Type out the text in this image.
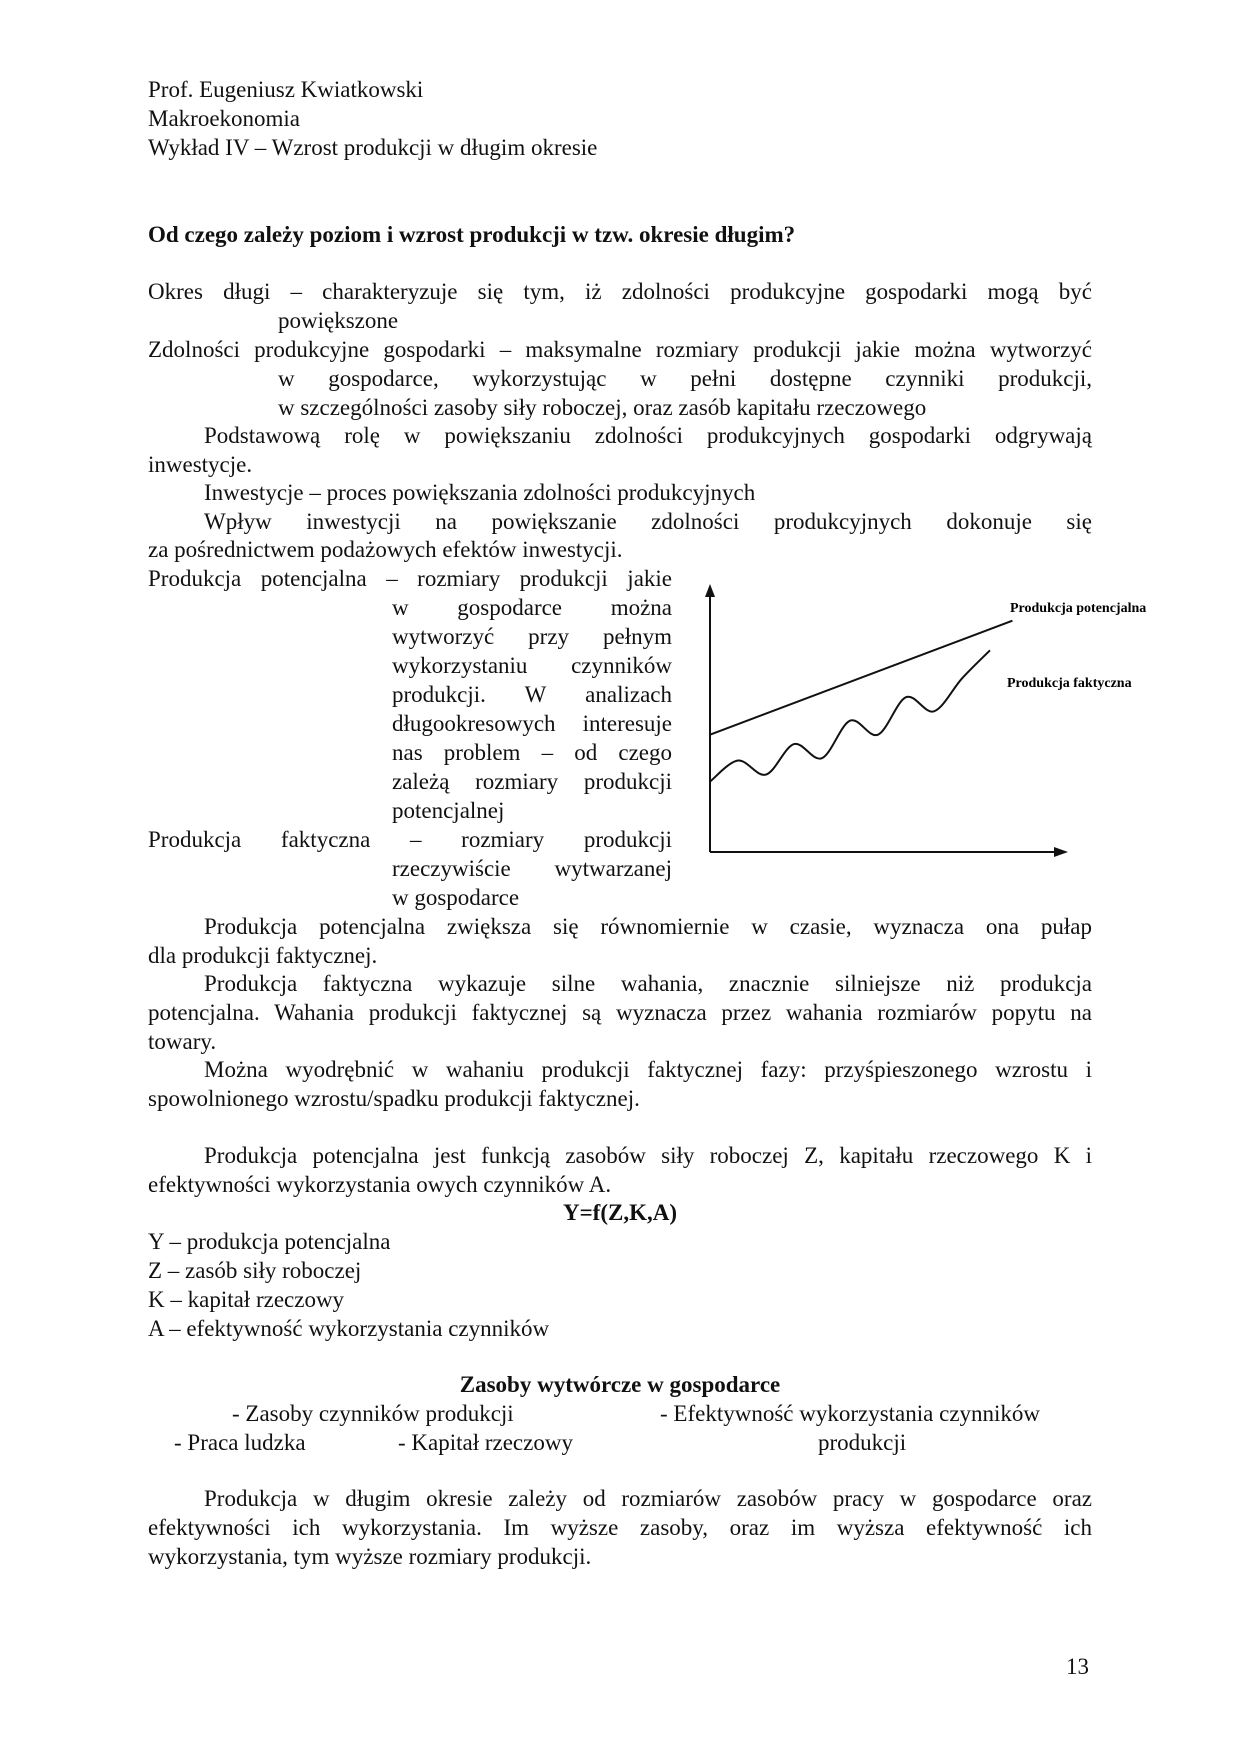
Prof. Eugeniusz Kwiatkowski
Makroekonomia
Wykład IV – Wzrost produkcji w długim okresie
Od czego zależy poziom i wzrost produkcji w tzw. okresie długim?
Okres długi – charakteryzuje się tym, iż zdolności produkcyjne gospodarki mogą być
powiększone
Zdolności produkcyjne gospodarki – maksymalne rozmiary produkcji jakie można wytworzyć
w gospodarce, wykorzystując w pełni dostępne czynniki produkcji,
w szczególności zasoby siły roboczej, oraz zasób kapitału rzeczowego
Podstawową rolę w powiększaniu zdolności produkcyjnych gospodarki odgrywają
inwestycje.
Inwestycje – proces powiększania zdolności produkcyjnych
Wpływ inwestycji na powiększanie zdolności produkcyjnych dokonuje się
za pośrednictwem podażowych efektów inwestycji.
Produkcja potencjalna – rozmiary produkcji jakie
w gospodarce można
wytworzyć przy pełnym
wykorzystaniu czynników
produkcji. W analizach
długookresowych interesuje
nas problem – od czego
zależą rozmiary produkcji
potencjalnej
Produkcja faktyczna – rozmiary produkcji
rzeczywiście wytwarzanej
w gospodarce
Produkcja potencjalna
Produkcja faktyczna
Produkcja potencjalna zwiększa się równomiernie w czasie, wyznacza ona pułap
dla produkcji faktycznej.
Produkcja faktyczna wykazuje silne wahania, znacznie silniejsze niż produkcja
potencjalna. Wahania produkcji faktycznej są wyznacza przez wahania rozmiarów popytu na
towary.
Można wyodrębnić w wahaniu produkcji faktycznej fazy: przyśpieszonego wzrostu i
spowolnionego wzrostu/spadku produkcji faktycznej.
Produkcja potencjalna jest funkcją zasobów siły roboczej Z, kapitału rzeczowego K i
efektywności wykorzystania owych czynników A.
Y=f(Z,K,A)
Y – produkcja potencjalna
Z – zasób siły roboczej
K – kapitał rzeczowy
A – efektywność wykorzystania czynników
Zasoby wytwórcze w gospodarce
- Zasoby czynników produkcji	- Efektywność wykorzystania czynników
- Praca ludzka	- Kapitał rzeczowy	produkcji
Produkcja w długim okresie zależy od rozmiarów zasobów pracy w gospodarce oraz
efektywności ich wykorzystania. Im wyższe zasoby, oraz im wyższa efektywność ich
wykorzystania, tym wyższe rozmiary produkcji.
13
